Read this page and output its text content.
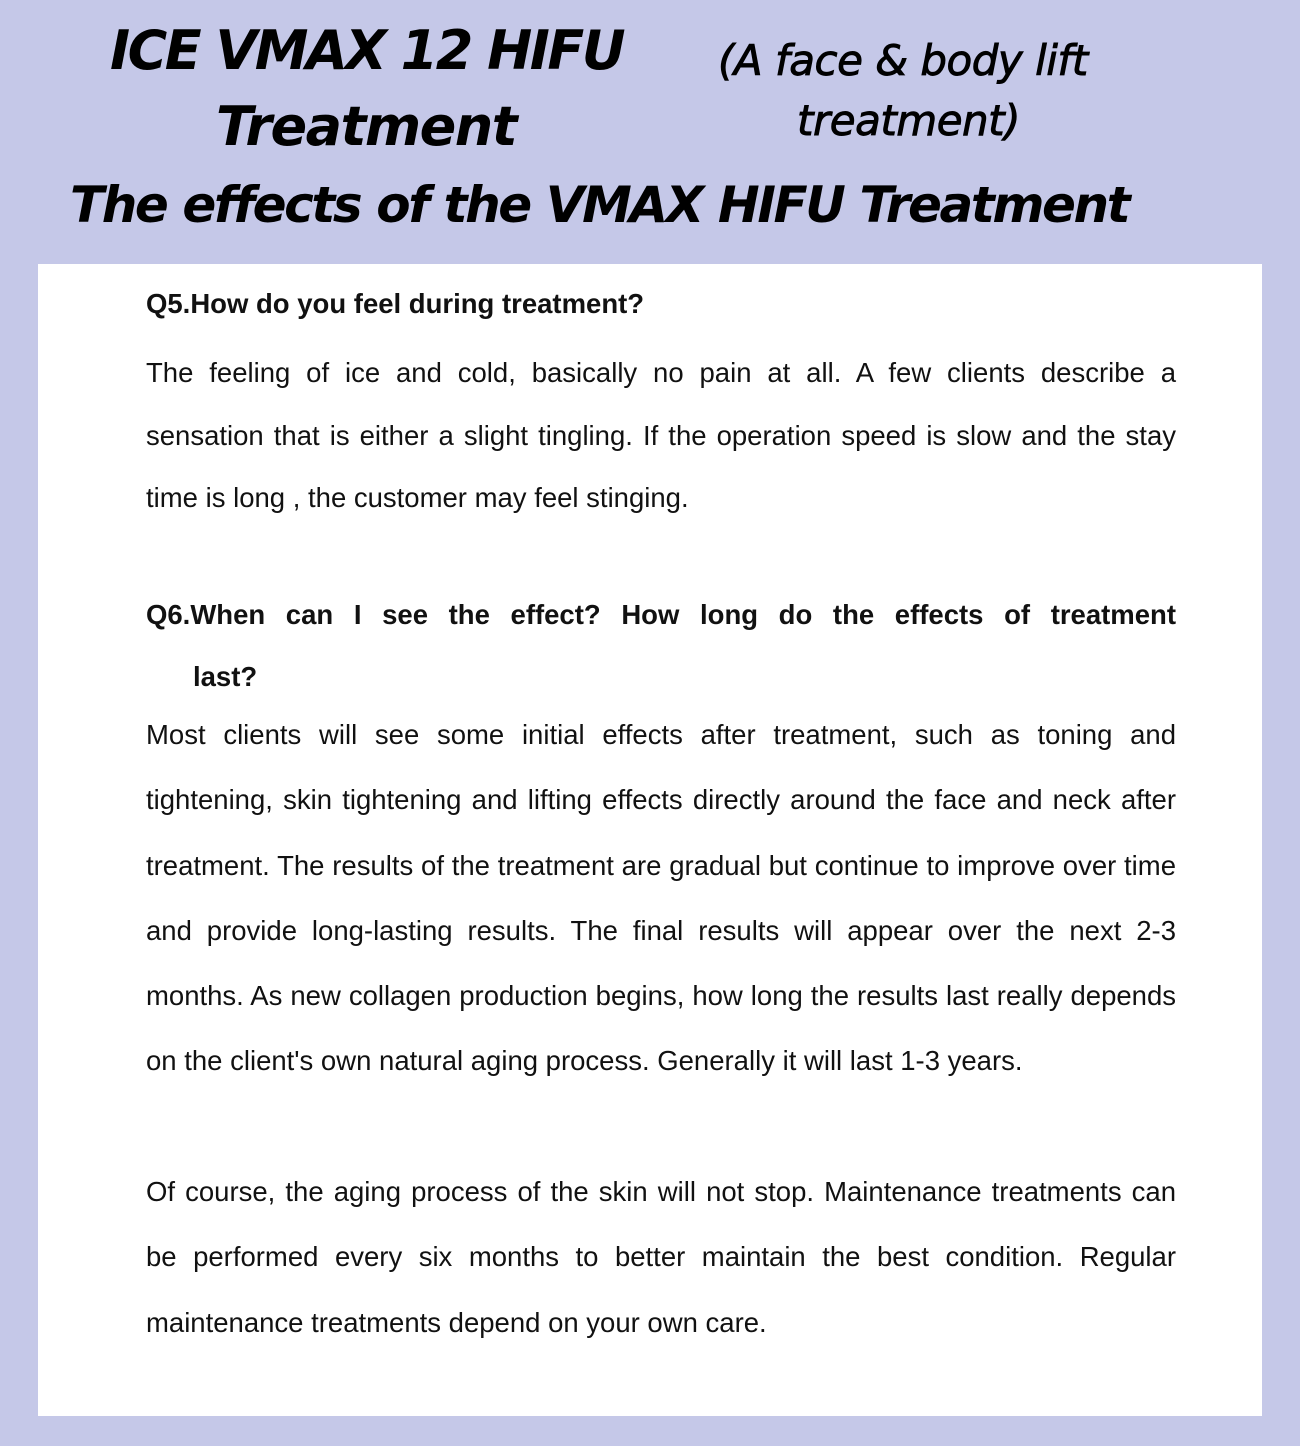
ICE VMAX 12 HIFU
Treatment
(A face & body lift
treatment)
The effects of the VMAX HIFU Treatment

Q5.How do you feel during treatment?

The feeling of ice and cold, basically no pain at all. A few clients describe a sensation that is either a slight tingling. If the operation speed is slow and the stay time is long , the customer may feel stinging.

Q6.When can I see the effect? How long do the effects of treatment

last?

Most clients will see some initial effects after treatment, such as toning and tightening, skin tightening and lifting effects directly around the face and neck after treatment. The results of the treatment are gradual but continue to improve over time and provide long-lasting results. The final results will appear over the next 2-3 months. As new collagen production begins, how long the results last really depends on the client's own natural aging process. Generally it will last 1-3 years.

Of course, the aging process of the skin will not stop. Maintenance treatments can be performed every six months to better maintain the best condition. Regular maintenance treatments depend on your own care.
